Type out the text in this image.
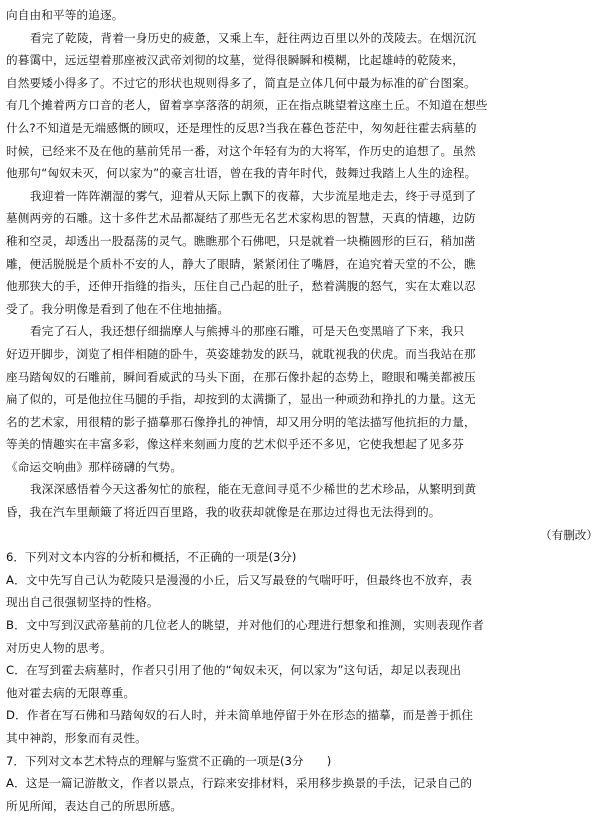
向自由和平等的追逐。

看完了乾陵，背着一身历史的疲惫，又乘上车，赶往两边百里以外的茂陵去。在烟沉沉

的暮霭中，远远望着那座被汉武帝刘彻的坟墓，觉得很瞬瞬和模糊，比起雄峙的乾陵来，

自然要矮小得多了。不过它的形状也规则得多了，简直是立体几何中最为标准的矿台图案。

有几个摊着两方口音的老人，留着享享落落的胡须，正在指点眺望着这座土丘。不知道在想些

什么?不知道是无端感慨的顾叹，还是理性的反思?当我在暮色苍茫中，匆匆赶往霍去病墓的

时候，已经来不及在他的墓前凭吊一番，对这个年轻有为的大将军，作历史的追想了。虽然

他那句“匈奴未灭，何以家为”的豪言壮语，曾在我的青年时代，鼓舞过我踏上人生的途程。

我迎着一阵阵潮湿的雾气，迎着从天际上飘下的夜幕，大步流星地走去，终于寻觅到了

墓侧两旁的石雕。这十多件艺术品都凝结了那些无名艺术家构思的智慧，天真的情趣，边防

稚和空灵，却透出一股磊荡的灵气。瞧瞧那个石佛吧，只是就着一块椭圆形的巨石，稍加凿

雕，便活脱脱是个质朴不安的人，静大了眼睛，紧紧闭住了嘴唇，在追究着天堂的不公，瞧

他那狭大的手，还伸开指缝的指头，压住自己凸起的肚子，愁着满腹的怒气，实在太难以忍

受了。我分明像是看到了他在不住地抽搐。

看完了石人，我还想仔细揣摩人与熊搏斗的那座石雕，可是天色变黑暗了下来，我只

好迈开脚步，浏览了相伴相随的卧牛，英姿雄勃发的跃马，就耽视我的伏虎。而当我站在那

座马踏匈奴的石雕前，瞬间看威武的马头下面，在那石像扑起的态势上，瞪眼和嘴美都被压

扁了似的，可是他拉住马腿的手指，却按到的太满撕了，显出一种顽劲和挣扎的力量。这无

名的艺术家，用很精的影子描摹那石像挣扎的神情，却又用分明的笔法描写他抗拒的力量，

等美的情趣实在丰富多彩，像这样来刻画力度的艺术似乎还不多见，它使我想起了见多芬

《命运交响曲》那样磅礴的气势。

我深深感悟着今天这番匆忙的旅程，能在无意间寻觅不少稀世的艺术珍品，从繁明到黄

昏，我在汽车里颠簸了将近四百里路，我的收获却就像是在那边过得也无法得到的。

（有删改）
6．下列对文本内容的分析和概括，不正确的一项是(3分)
A．文中先写自己认为乾陵只是漫漫的小丘，后又写最登的气喘吁吁，但最终也不放弃，表
现出自己很强韧坚持的性格。
B．文中写到汉武帝墓前的几位老人的眺望，并对他们的心理进行想象和推测，实则表现作者
对历史人物的思考。
C．在写到霍去病墓时，作者只引用了他的“匈奴未灭，何以家为”这句话，却足以表现出
他对霍去病的无限尊重。
D．作者在写石佛和马踏匈奴的石人时，并未简单地停留于外在形态的描摹，而是善于抓住
其中神韵，形象而有灵性。
7．下列对文本艺术特点的理解与鉴赏不正确的一项是(3分　　)
A．这是一篇记游散文，作者以景点，行踪来安排材料，采用移步换景的手法，记录自己的
所见所闻，表达自己的所思所感。
